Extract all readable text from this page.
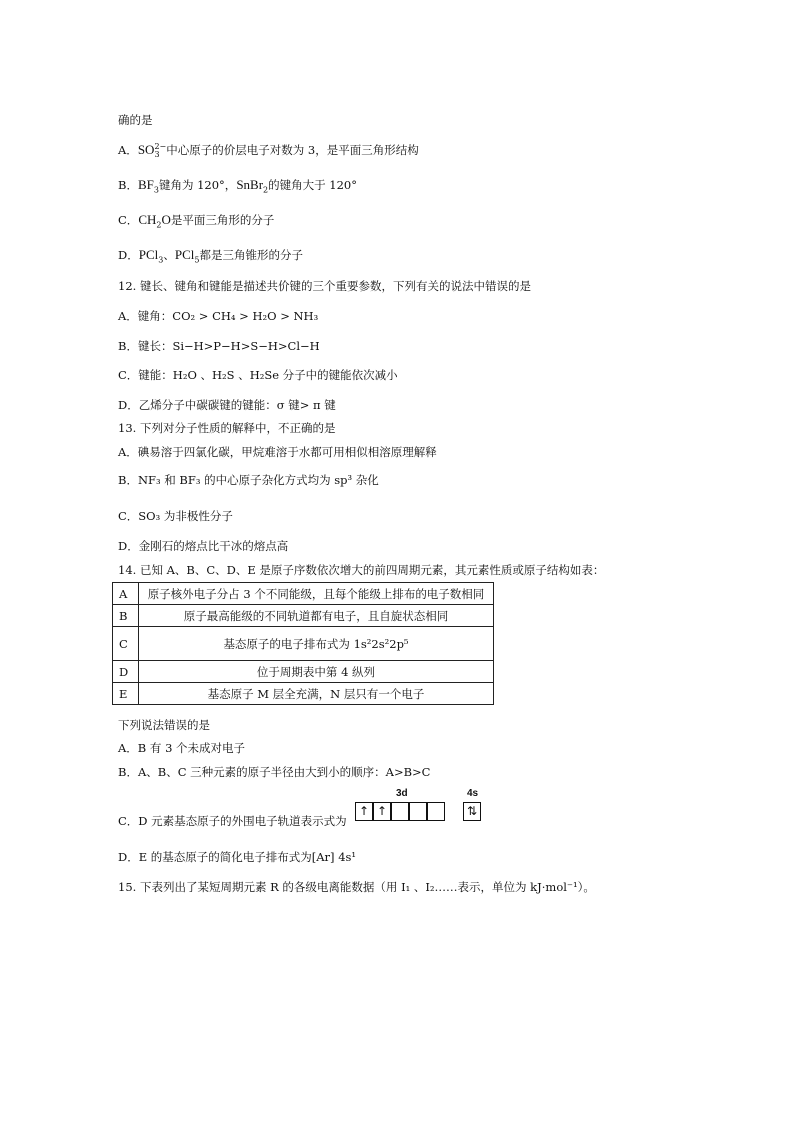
确的是
A．SO 2−
3 中心原子的价层电子对数为 3，是平面三角形结构
B．$BF_3$键角为 120°，SnBr$_2$的键角大于 120°
C．$CH_2O$是平面三角形的分子
D．PCl$_3$、PCl$_5$都是三角锥形的分子
12. 键长、键角和键能是描述共价键的三个重要参数，下列有关的说法中错误的是
A．键角：CO₂ > CH₄ > H₂O > NH₃
B．键长：Si−H>P−H>S−H>Cl−H
C．键能：H₂O 、H₂S 、H₂Se 分子中的键能依次减小
D．乙烯分子中碳碳键的键能：σ 键> π 键
13. 下列对分子性质的解释中，不正确的是
A．碘易溶于四氯化碳，甲烷难溶于水都可用相似相溶原理解释
B．NF₃ 和 BF₃ 的中心原子杂化方式均为 sp³ 杂化
C．SO₃ 为非极性分子
D．金刚石的熔点比干冰的熔点高
14. 已知 A、B、C、D、E 是原子序数依次增大的前四周期元素，其元素性质或原子结构如表：
A	原子核外电子分占 3 个不同能级，且每个能级上排布的电子数相同
B	原子最高能级的不同轨道都有电子，且自旋状态相同
C	基态原子的电子排布式为 1s²2s²2p⁵
D	位于周期表中第 4 纵列
E	基态原子 M 层全充满，N 层只有一个电子
下列说法错误的是
A．B 有 3 个未成对电子
B．A、B、C 三种元素的原子半径由大到小的顺序：A>B>C
C．D 元素基态原子的外围电子轨道表示式为
3d	4s
↑ ↑	⇅
D．E 的基态原子的简化电子排布式为[Ar] 4s¹
15. 下表列出了某短周期元素 R 的各级电离能数据（用 I₁ 、I₂……表示，单位为 kJ·mol⁻¹）。
